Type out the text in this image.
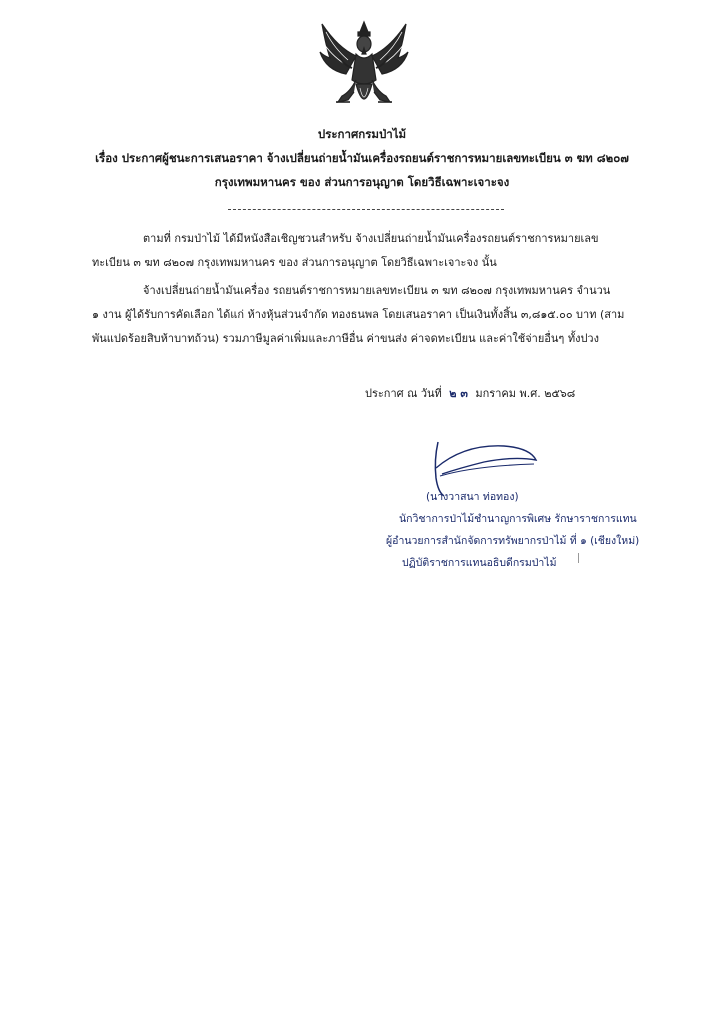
ประกาศกรมป่าไม้
เรื่อง ประกาศผู้ชนะการเสนอราคา จ้างเปลี่ยนถ่ายน้ำมันเครื่องรถยนต์ราชการหมายเลขทะเบียน ๓ ฆท ๘๒๐๗
กรุงเทพมหานคร ของ ส่วนการอนุญาต โดยวิธีเฉพาะเจาะจง
ตามที่ กรมป่าไม้ ได้มีหนังสือเชิญชวนสำหรับ จ้างเปลี่ยนถ่ายน้ำมันเครื่องรถยนต์ราชการหมายเลข
ทะเบียน ๓ ฆท ๘๒๐๗ กรุงเทพมหานคร ของ ส่วนการอนุญาต โดยวิธีเฉพาะเจาะจง นั้น
จ้างเปลี่ยนถ่ายน้ำมันเครื่อง รถยนต์ราชการหมายเลขทะเบียน ๓ ฆท ๘๒๐๗ กรุงเทพมหานคร จำนวน
๑ งาน ผู้ได้รับการคัดเลือก ได้แก่ ห้างหุ้นส่วนจำกัด ทองธนพล โดยเสนอราคา เป็นเงินทั้งสิ้น ๓,๘๑๕.๐๐ บาท (สาม
พันแปดร้อยสิบห้าบาทถ้วน) รวมภาษีมูลค่าเพิ่มและภาษีอื่น ค่าขนส่ง ค่าจดทะเบียน และค่าใช้จ่ายอื่นๆ ทั้งปวง
ประกาศ ณ วันที่ ๒ ๓ มกราคม พ.ศ. ๒๕๖๘
(นางวาสนา ท่อทอง)
นักวิชาการป่าไม้ชำนาญการพิเศษ รักษาราชการแทน
ผู้อำนวยการสำนักจัดการทรัพยากรป่าไม้ ที่ ๑ (เชียงใหม่)
ปฏิบัติราชการแทนอธิบดีกรมป่าไม้
